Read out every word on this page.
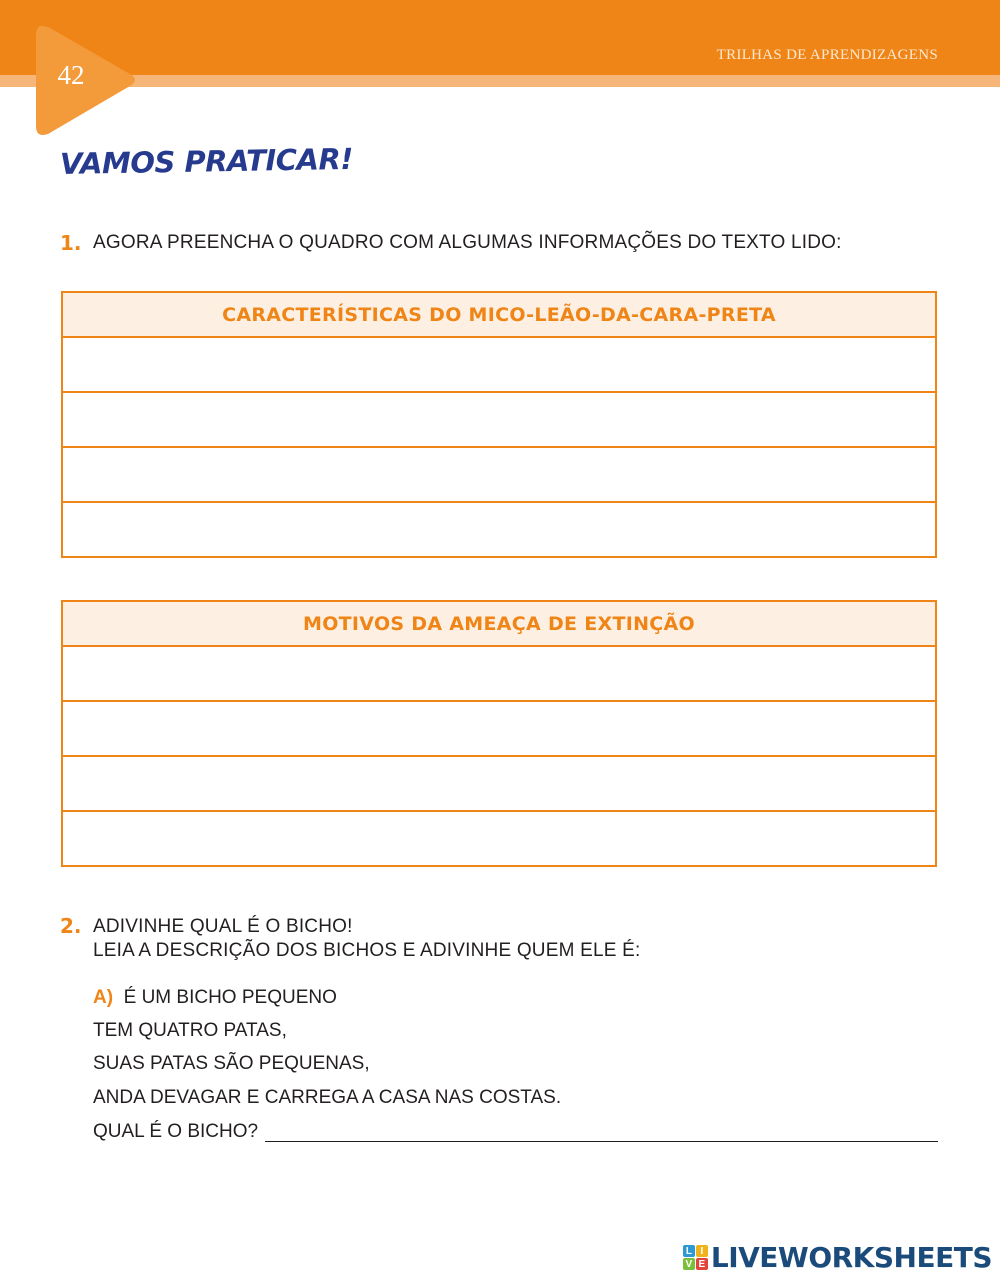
TRILHAS DE APRENDIZAGENS
42
VAMOS PRATICAR!
1. AGORA PREENCHA O QUADRO COM ALGUMAS INFORMAÇÕES DO TEXTO LIDO:
CARACTERÍSTICAS DO MICO-LEÃO-DA-CARA-PRETA
MOTIVOS DA AMEAÇA DE EXTINÇÃO
2. ADIVINHE QUAL É O BICHO!
LEIA A DESCRIÇÃO DOS BICHOS E ADIVINHE QUEM ELE É:
A) É UM BICHO PEQUENO
TEM QUATRO PATAS,
SUAS PATAS SÃO PEQUENAS,
ANDA DEVAGAR E CARREGA A CASA NAS COSTAS.
QUAL É O BICHO?
L I
V E LIVEWORKSHEETS
